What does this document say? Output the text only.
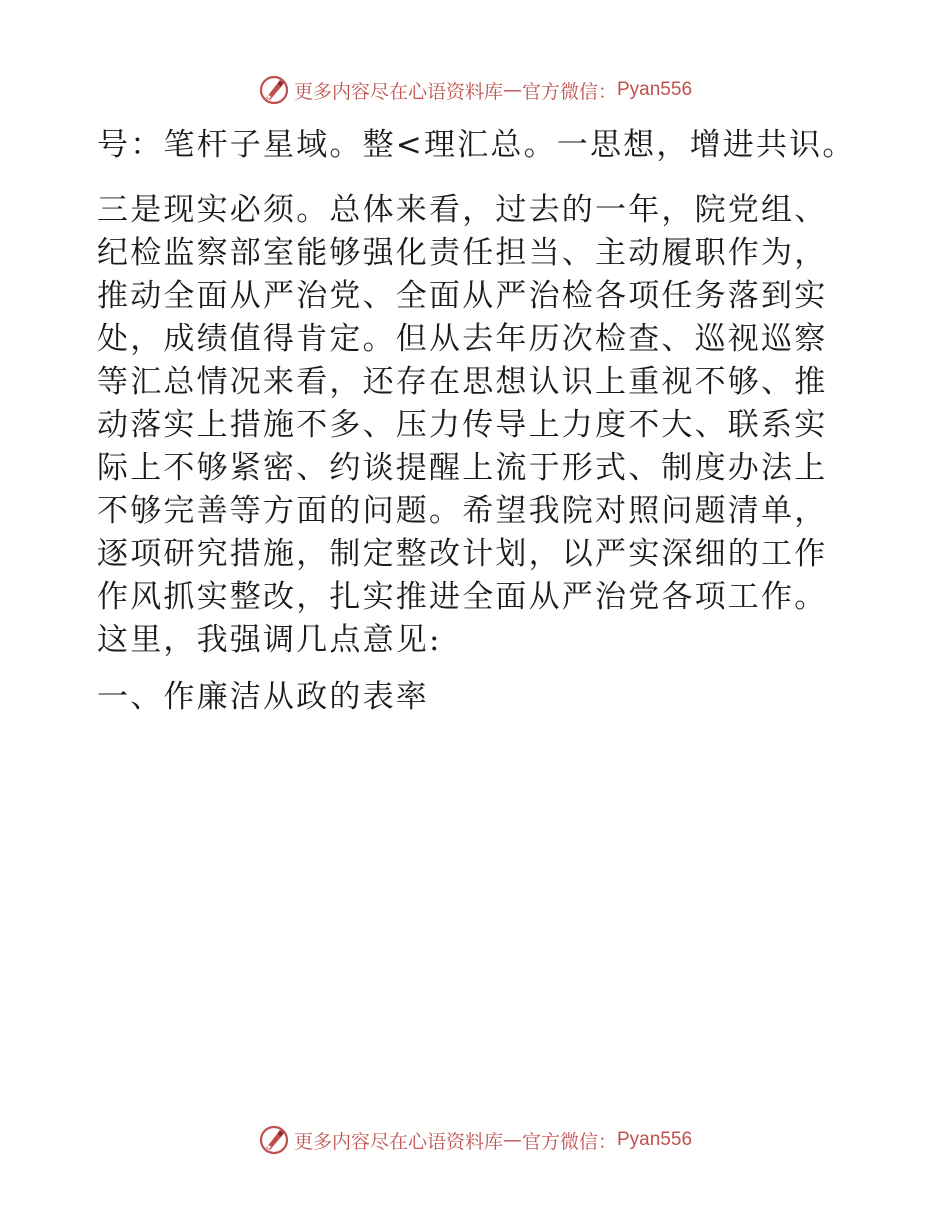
更多内容尽在心语资料库 — 官方微信： Pyan556

号：笔杆子星域。整<理汇总。一思想，增进共识。

三是现实必须。总体来看，过去的一年，院党组、纪检监察部室能够强化责任担当、主动履职作为，推动全面从严治党、全面从严治检各项任务落到实处，成绩值得肯定。但从去年历次检查、巡视巡察等汇总情况来看，还存在思想认识上重视不够、推动落实上措施不多、压力传导上力度不大、联系实际上不够紧密、约谈提醒上流于形式、制度办法上不够完善等方面的问题。希望我院对照问题清单，逐项研究措施，制定整改计划，以严实深细的工作作风抓实整改，扎实推进全面从严治党各项工作。这里，我强调几点意见:

一、作廉洁从政的表率

更多内容尽在心语资料库 — 官方微信： Pyan556
